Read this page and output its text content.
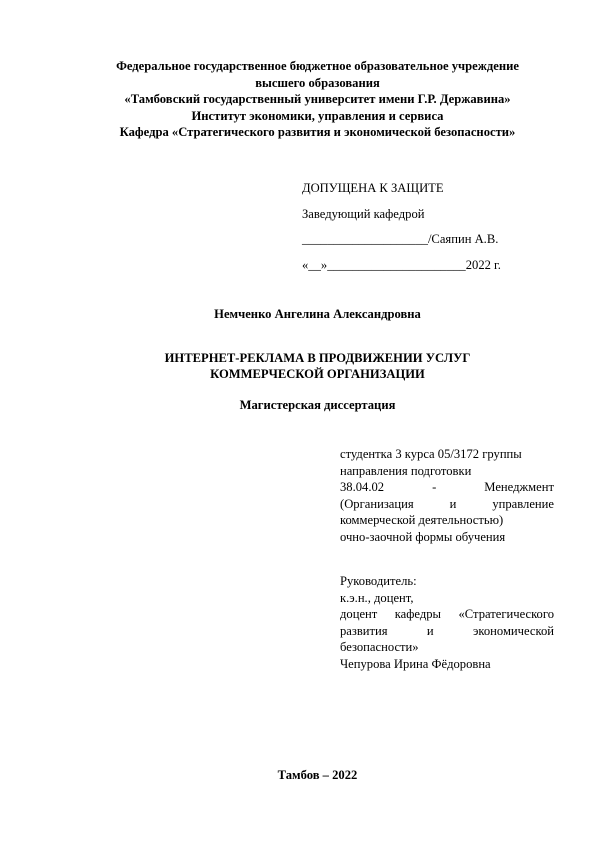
Федеральное государственное бюджетное образовательное учреждение
высшего образования
«Тамбовский государственный университет имени Г.Р. Державина»
Институт экономики, управления и сервиса
Кафедра «Стратегического развития и экономической безопасности»
ДОПУЩЕНА К ЗАЩИТЕ
Заведующий кафедрой
____________________/Саяпин А.В.
«__»______________________2022 г.
Немченко Ангелина Александровна
ИНТЕРНЕТ-РЕКЛАМА В ПРОДВИЖЕНИИ УСЛУГ
КОММЕРЧЕСКОЙ ОРГАНИЗАЦИИ
Магистерская диссертация
студентка 3 курса 05/3172 группы
направления подготовки
38.04.02	-	Менеджмент
(Организация	и	управление
коммерческой деятельностью)
очно-заочной формы обучения
Руководитель:
к.э.н., доцент,
доцент кафедры «Стратегического
развития	и	экономической
безопасности»
Чепурова Ирина Фёдоровна
Тамбов – 2022
